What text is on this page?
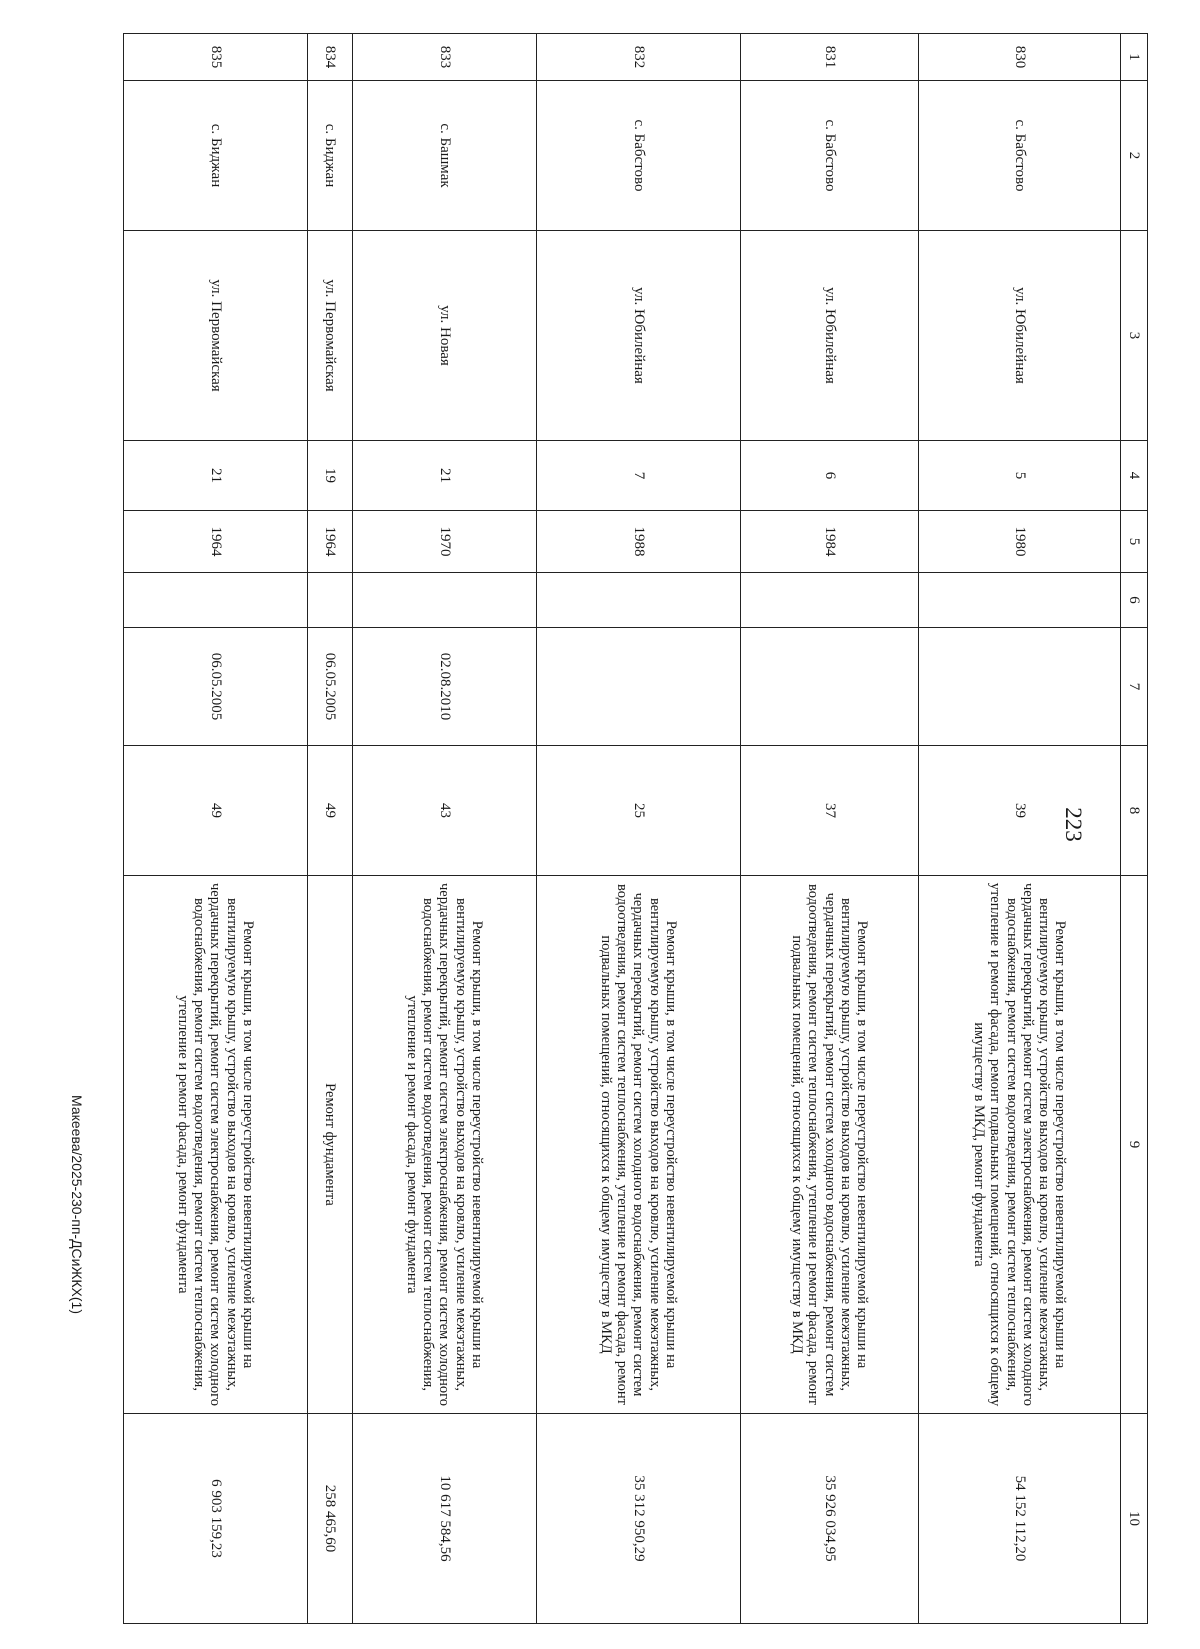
223
1	2	3	4	5	6	7	8	9	10
830	с. Бабстово	ул. Юбилейная	5	1980			39	Ремонт крыши, в том числе переустройство невентилируемой крыши на вентилируемую крышу, устройство выходов на кровлю, усиление межэтажных, чердачных перекрытий, ремонт систем электроснабжения, ремонт систем холодного водоснабжения, ремонт систем водоотведения, ремонт систем теплоснабжения, утепление и ремонт фасада, ремонт подвальных помещений, относящихся к общему имуществу в МКД, ремонт фундамента	54 152 112,20
831	с. Бабстово	ул. Юбилейная	6	1984			37	Ремонт крыши, в том числе переустройство невентилируемой крыши на вентилируемую крышу, устройство выходов на кровлю, усиление межэтажных, чердачных перекрытий, ремонт систем холодного водоснабжения, ремонт систем водоотведения, ремонт систем теплоснабжения, утепление и ремонт фасада, ремонт подвальных помещений, относящихся к общему имуществу в МКД	35 926 034,95
832	с. Бабстово	ул. Юбилейная	7	1988			25	Ремонт крыши, в том числе переустройство невентилируемой крыши на вентилируемую крышу, устройство выходов на кровлю, усиление межэтажных, чердачных перекрытий, ремонт систем холодного водоснабжения, ремонт систем водоотведения, ремонт систем теплоснабжения, утепление и ремонт фасада, ремонт подвальных помещений, относящихся к общему имуществу в МКД	35 312 950,29
833	с. Башмак	ул. Новая	21	1970		02.08.2010	43	Ремонт крыши, в том числе переустройство невентилируемой крыши на вентилируемую крышу, устройство выходов на кровлю, усиление межэтажных, чердачных перекрытий, ремонт систем электроснабжения, ремонт систем холодного водоснабжения, ремонт систем водоотведения, ремонт систем теплоснабжения, утепление и ремонт фасада, ремонт фундамента	10 617 584,56
834	с. Биджан	ул. Первомайская	19	1964		06.05.2005	49	Ремонт фундамента	258 465,60
835	с. Биджан	ул. Первомайская	21	1964		06.05.2005	49	Ремонт крыши, в том числе переустройство невентилируемой крыши на вентилируемую крышу, устройство выходов на кровлю, усиление межэтажных, чердачных перекрытий, ремонт систем электроснабжения, ремонт систем холодного водоснабжения, ремонт систем водоотведения, ремонт систем теплоснабжения, утепление и ремонт фасада, ремонт фундамента	6 903 159,23
Макеева/2025-230-пп-ДСиЖКХ(1)
